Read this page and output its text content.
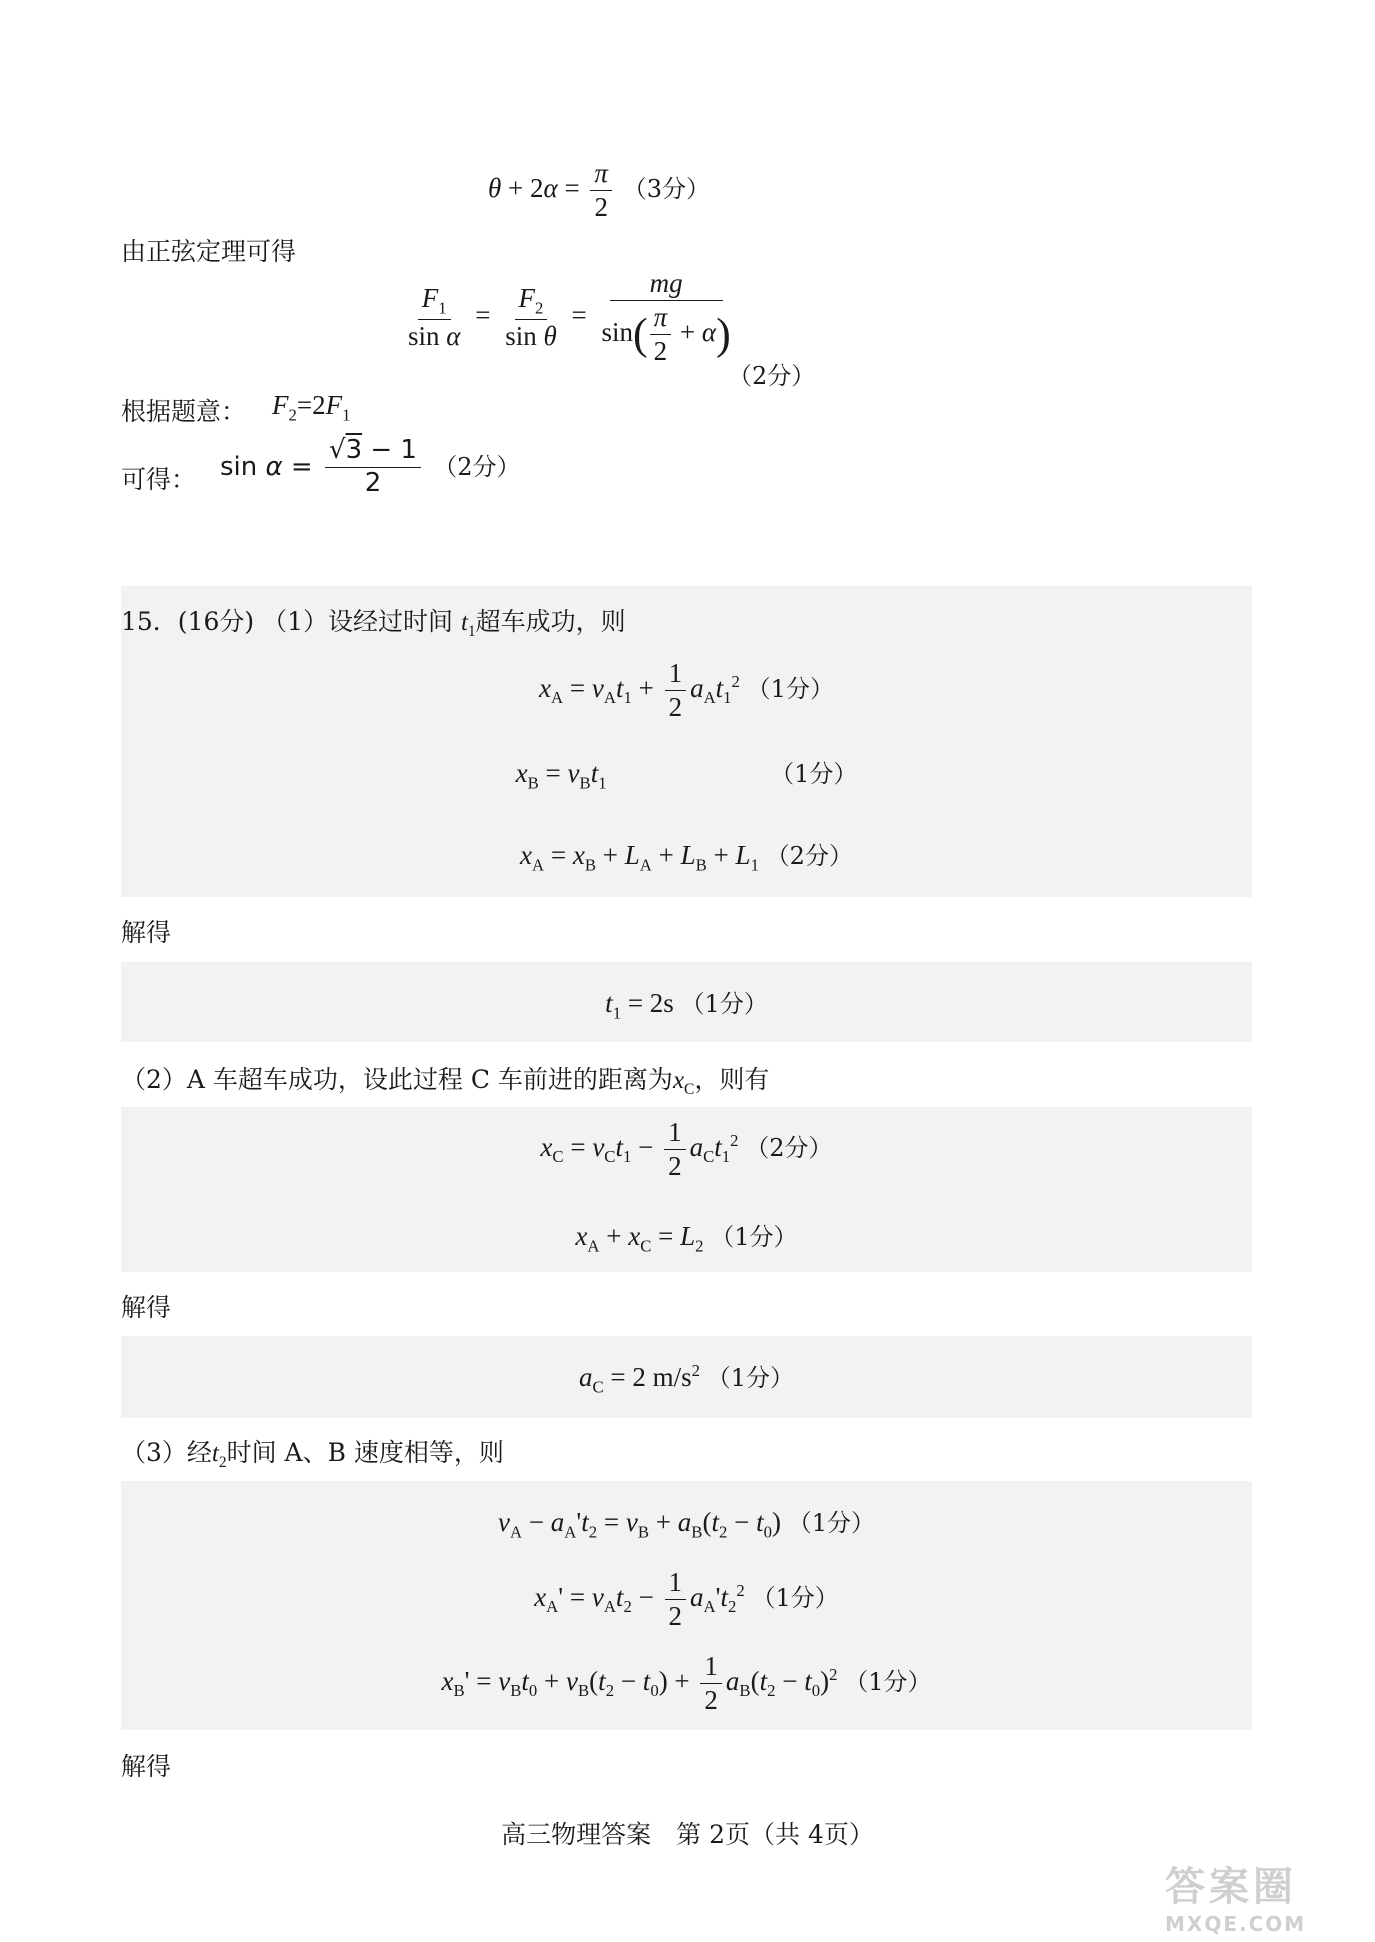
$\theta + 2\alpha = \frac{\pi}{2} (3$分）
由正弦定理可得
$\frac{F_1}{\text{sin α}} = \frac{F_2}{\text{sin θ}} = \frac{mg}{\sin( \frac{\pi}{2} + \alpha)}$
（2分）
根据题意： $F_2=2F_1$
可得： $\sin \alpha = \frac{√3 - 1}{2} (2$分）
15．(16分) （1）设经过时间 $t_1$超车成功，则
$x_A = v_At_1 + \frac{1}{2} a_At_1^2$ （1分）
$x_B = v_Bt_1$	（1分）
$x_A = x_B + L_A + L_B + L_1$ （2分）
解得
$t_1 = 2s$ （1分）
（2）A 车超车成功，设此过程 C 车前进的距离为$x_C$，则有
$x_C = v_Ct_1 - \frac{1}{2} a_Ct_1^2$ （2分）
$x_A + x_C = L_2$ （1分）
解得
$a_C = 2$ $m/s^2$ （1分）
（3）经$t_2$时间 A、B 速度相等，则
$v_A - a_A't_2 = v_B + a_B(t_2 - t_0)$ （1分）
$x_A' = v_At_2 - \frac{1}{2} a_A't_2^2$ （1分）
$x_B' = v_Bt_0 + v_B(t_2 - t_0) + \frac{1}{2} a_B(t_2 - t_0)^2$ （1分）
解得
高三物理答案　第 2页（共 4页）
答案圈
MXQE.COM
